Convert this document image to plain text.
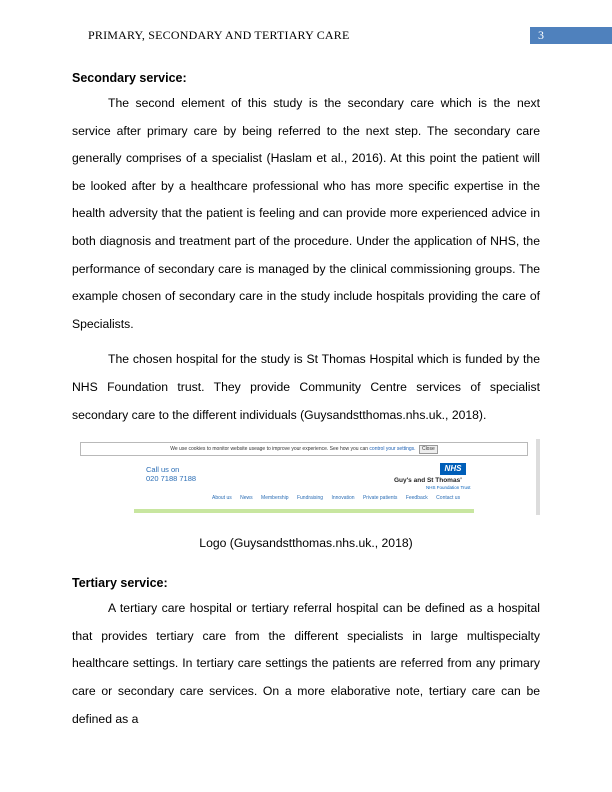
PRIMARY, SECONDARY AND TERTIARY CARE	3
Secondary service:

The second element of this study is the secondary care which is the next service after primary care by being referred to the next step. The secondary care generally comprises of a specialist (Haslam et al., 2016). At this point the patient will be looked after by a healthcare professional who has more specific expertise in the health adversity that the patient is feeling and can provide more experienced advice in both diagnosis and treatment part of the procedure. Under the application of NHS, the performance of secondary care is managed by the clinical commissioning groups. The example chosen of secondary care in the study include hospitals providing the care of Specialists.

The chosen hospital for the study is St Thomas Hospital which is funded by the NHS Foundation trust. They provide Community Centre services of specialist secondary care to the different individuals (Guysandstthomas.nhs.uk., 2018).

We use cookies to monitor website useage to improve your experience. See how you can control your settings. Close
Call us on
020 7188 7188
NHS
Guy's and St Thomas'
NHS Foundation Trust
About us News Membership Fundraising Innovation Private patients Feedback Contact us
Logo (Guysandstthomas.nhs.uk., 2018)
Tertiary service:

A tertiary care hospital or tertiary referral hospital can be defined as a hospital that provides tertiary care from the different specialists in large multispecialty healthcare settings. In tertiary care settings the patients are referred from any primary care or secondary care services. On a more elaborative note, tertiary care can be defined as a
